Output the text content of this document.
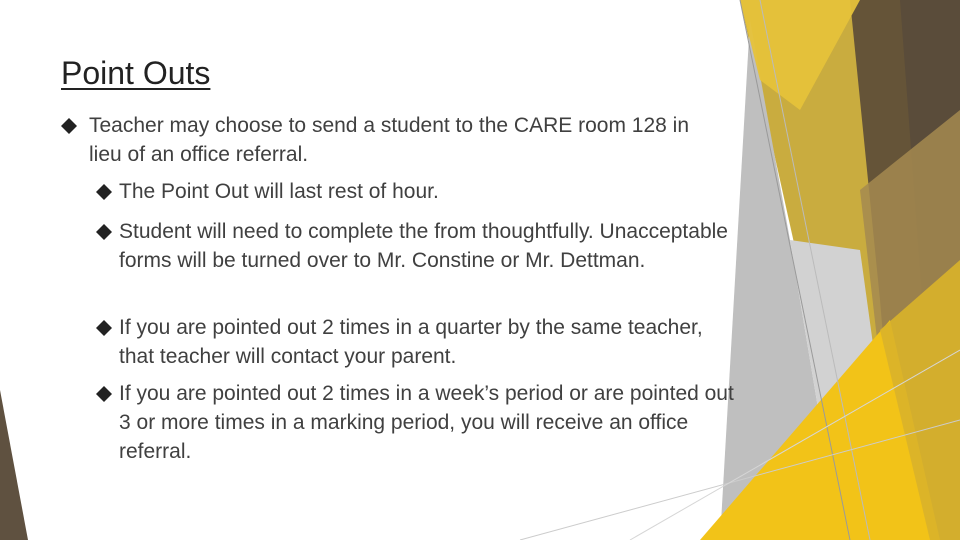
Point Outs
Teacher may choose to send a student to the CARE room 128 in lieu of an office referral.
The Point Out will last rest of hour.
Student will need to complete the from thoughtfully. Unacceptable forms will be turned over to Mr. Constine or Mr. Dettman.
If you are pointed out 2 times in a quarter by the same teacher, that teacher will contact your parent.
If you are pointed out 2 times in a week’s period or are pointed out 3 or more times in a marking period, you will receive an office referral.
